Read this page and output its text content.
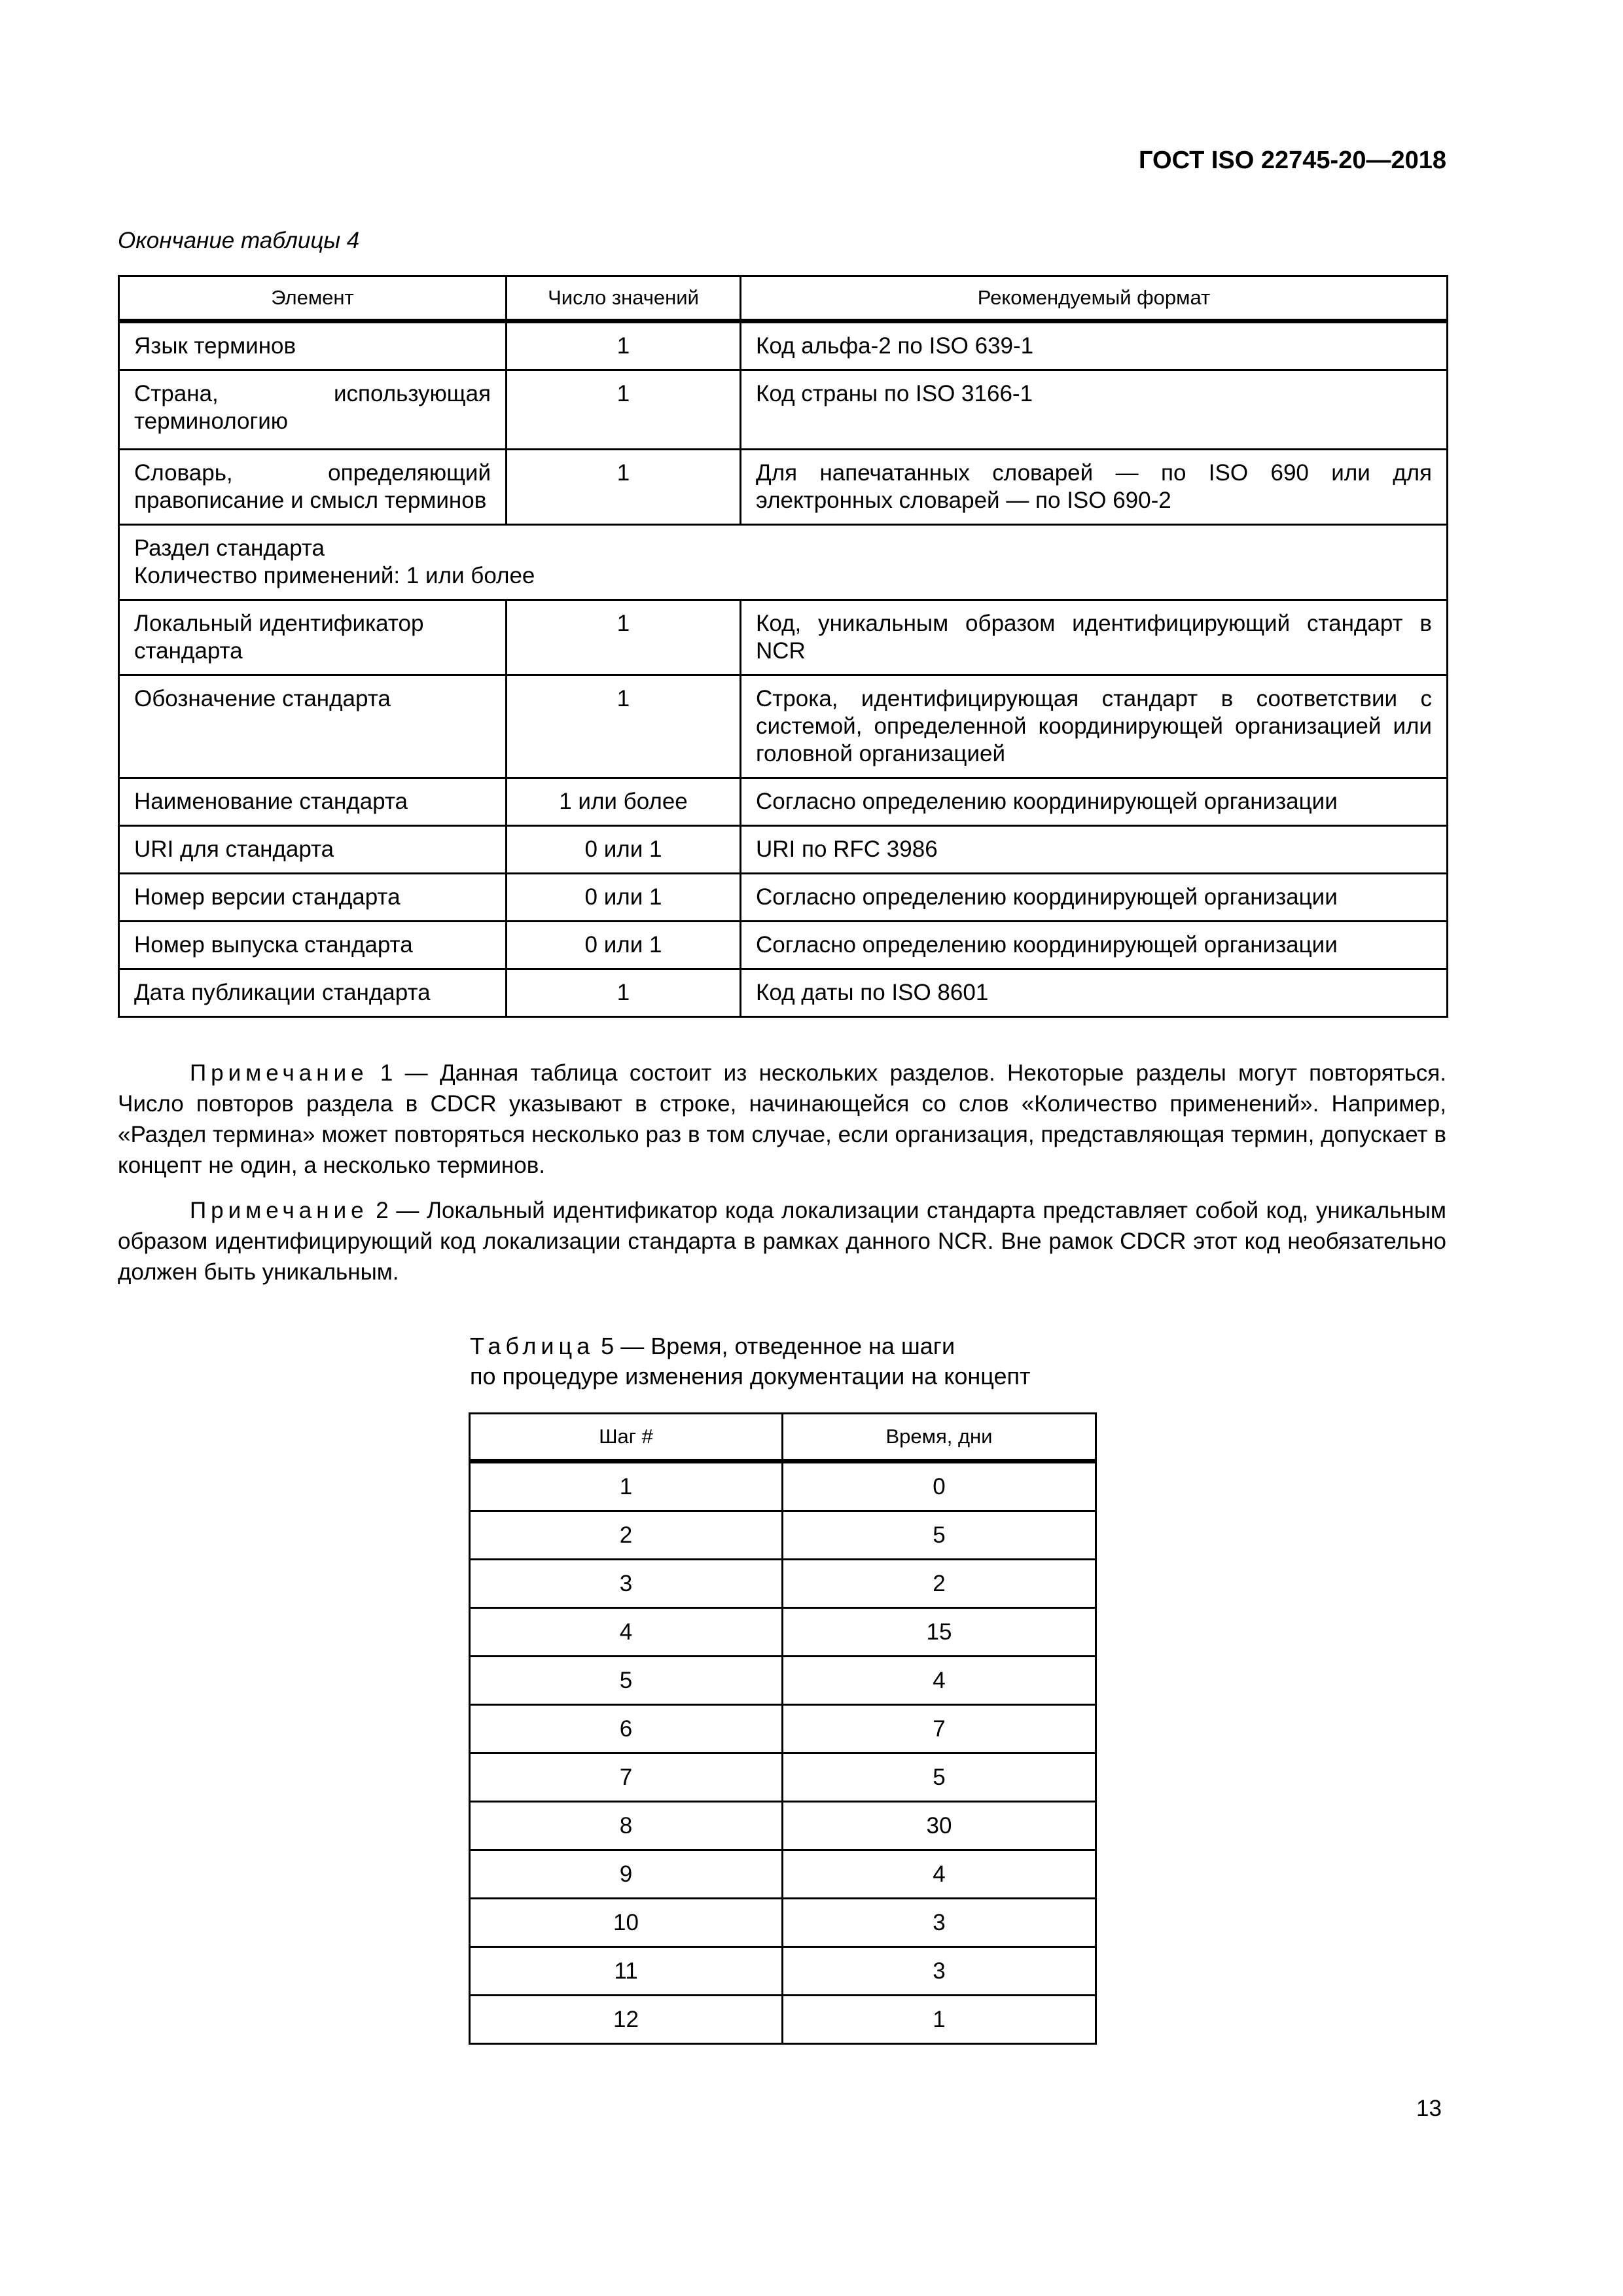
ГОСТ ISO 22745-20—2018
Окончание таблицы 4
Элемент	Число значений	Рекомендуемый формат
Язык терминов	1	Код альфа-2 по ISO 639-1
Страна, использующая терминологию	1	Код страны по ISO 3166-1
Словарь, определяющий правописание и смысл терминов	1	Для напечатанных словарей — по ISO 690 или для электронных словарей — по ISO 690-2

Раздел стандарта
Количество применений: 1 или более		

Локальный идентификатор стандарта	1	Код, уникальным образом идентифицирующий стандарт в NCR
Обозначение стандарта	1	Строка, идентифицирующая стандарт в соответствии с системой, определенной координирующей организацией или головной организацией
Наименование стандарта	1 или более	Согласно определению координирующей организации
URI для стандарта	0 или 1	URI по RFC 3986
Номер версии стандарта	0 или 1	Согласно определению координирующей организации
Номер выпуска стандарта	0 или 1	Согласно определению координирующей организации
Дата публикации стандарта	1	Код даты по ISO 8601

Примечание 1 — Данная таблица состоит из нескольких разделов. Некоторые разделы могут повторяться. Число повторов раздела в CDCR указывают в строке, начинающейся со слов «Количество применений». Например, «Раздел термина» может повторяться несколько раз в том случае, если организация, представляющая термин, допускает в концепт не один, а несколько терминов.

Примечание 2 — Локальный идентификатор кода локализации стандарта представляет собой код, уникальным образом идентифицирующий код локализации стандарта в рамках данного NCR. Вне рамок CDCR этот код необязательно должен быть уникальным.

Таблица 5 — Время, отведенное на шаги
по процедуре изменения документации на концепт
Шаг #	Время, дни
1	0
2	5
3	2
4	15
5	4
6	7
7	5
8	30
9	4
10	3
11	3
12	1
13
